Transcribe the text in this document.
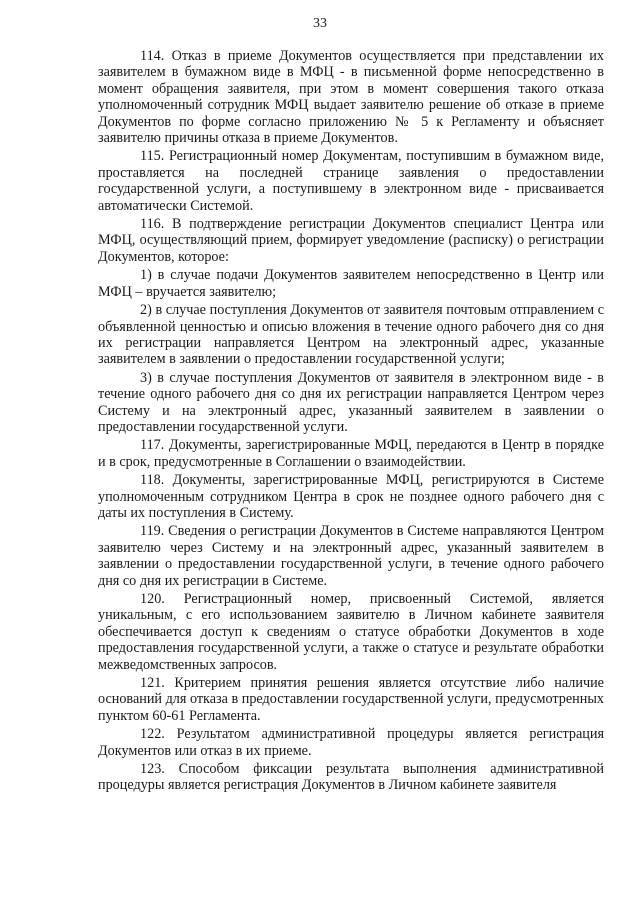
33

114. Отказ в приеме Документов осуществляется при представлении их заявителем в бумажном виде в МФЦ - в письменной форме непосредственно в момент обращения заявителя, при этом в момент совершения такого отказа уполномоченный сотрудник МФЦ выдает заявителю решение об отказе в приеме Документов по форме согласно приложению № 5 к Регламенту и объясняет заявителю причины отказа в приеме Документов.

115. Регистрационный номер Документам, поступившим в бумажном виде, проставляется на последней странице заявления о предоставлении государственной услуги, а поступившему в электронном виде - присваивается автоматически Системой.

116. В подтверждение регистрации Документов специалист Центра или МФЦ, осуществляющий прием, формирует уведомление (расписку) о регистрации Документов, которое:

1) в случае подачи Документов заявителем непосредственно в Центр или МФЦ – вручается заявителю;

2) в случае поступления Документов от заявителя почтовым отправлением с объявленной ценностью и описью вложения в течение одного рабочего дня со дня их регистрации направляется Центром на электронный адрес, указанные заявителем в заявлении о предоставлении государственной услуги;

3) в случае поступления Документов от заявителя в электронном виде - в течение одного рабочего дня со дня их регистрации направляется Центром через Систему и на электронный адрес, указанный заявителем в заявлении о предоставлении государственной услуги.

117. Документы, зарегистрированные МФЦ, передаются в Центр в порядке и в срок, предусмотренные в Соглашении о взаимодействии.

118. Документы, зарегистрированные МФЦ, регистрируются в Системе уполномоченным сотрудником Центра в срок не позднее одного рабочего дня с даты их поступления в Систему.

119. Сведения о регистрации Документов в Системе направляются Центром заявителю через Систему и на электронный адрес, указанный заявителем в заявлении о предоставлении государственной услуги, в течение одного рабочего дня со дня их регистрации в Системе.

120. Регистрационный номер, присвоенный Системой, является уникальным, с его использованием заявителю в Личном кабинете заявителя обеспечивается доступ к сведениям о статусе обработки Документов в ходе предоставления государственной услуги, а также о статусе и результате обработки межведомственных запросов.

121. Критерием принятия решения является отсутствие либо наличие оснований для отказа в предоставлении государственной услуги, предусмотренных пунктом 60-61 Регламента.

122. Результатом административной процедуры является регистрация Документов или отказ в их приеме.

123. Способом фиксации результата выполнения административной процедуры является регистрация Документов в Личном кабинете заявителя
